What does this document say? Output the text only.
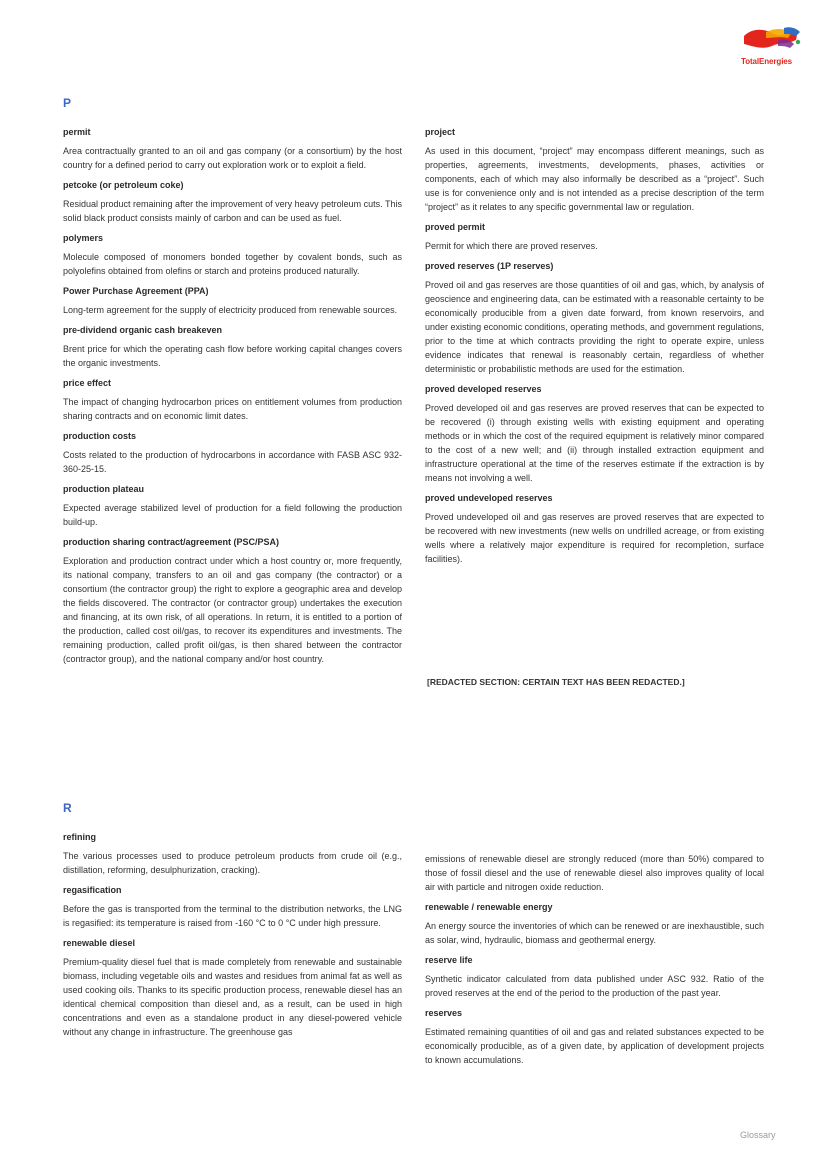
TotalEnergies
P

permit

Area contractually granted to an oil and gas company (or a consortium) by the host country for a defined period to carry out exploration work or to exploit a field.

petcoke (or petroleum coke)

Residual product remaining after the improvement of very heavy petroleum cuts. This solid black product consists mainly of carbon and can be used as fuel.

polymers

Molecule composed of monomers bonded together by covalent bonds, such as polyolefins obtained from olefins or starch and proteins produced naturally.

Power Purchase Agreement (PPA)

Long-term agreement for the supply of electricity produced from renewable sources.

pre-dividend organic cash breakeven

Brent price for which the operating cash flow before working capital changes covers the organic investments.

price effect

The impact of changing hydrocarbon prices on entitlement volumes from production sharing contracts and on economic limit dates.

production costs

Costs related to the production of hydrocarbons in accordance with FASB ASC 932-360-25-15.

production plateau

Expected average stabilized level of production for a field following the production build-up.

production sharing contract/agreement (PSC/PSA)

Exploration and production contract under which a host country or, more frequently, its national company, transfers to an oil and gas company (the contractor) or a consortium (the contractor group) the right to explore a geographic area and develop the fields discovered. The contractor (or contractor group) undertakes the execution and financing, at its own risk, of all operations. In return, it is entitled to a portion of the production, called cost oil/gas, to recover its expenditures and investments. The remaining production, called profit oil/gas, is then shared between the contractor (contractor group), and the national company and/or host country.

project

As used in this document, “project” may encompass different meanings, such as properties, agreements, investments, developments, phases, activities or components, each of which may also informally be described as a “project”. Such use is for convenience only and is not intended as a precise description of the term “project” as it relates to any specific governmental law or regulation.

proved permit

Permit for which there are proved reserves.

proved reserves (1P reserves)

Proved oil and gas reserves are those quantities of oil and gas, which, by analysis of geoscience and engineering data, can be estimated with a reasonable certainty to be economically producible from a given date forward, from known reservoirs, and under existing economic conditions, operating methods, and government regulations, prior to the time at which contracts providing the right to operate expire, unless evidence indicates that renewal is reasonably certain, regardless of whether deterministic or probabilistic methods are used for the estimation.

proved developed reserves

Proved developed oil and gas reserves are proved reserves that can be expected to be recovered (i) through existing wells with existing equipment and operating methods or in which the cost of the required equipment is relatively minor compared to the cost of a new well; and (ii) through installed extraction equipment and infrastructure operational at the time of the reserves estimate if the extraction is by means not involving a well.

proved undeveloped reserves

Proved undeveloped oil and gas reserves are proved reserves that are expected to be recovered with new investments (new wells on undrilled acreage, or from existing wells where a relatively major expenditure is required for recompletion, surface facilities).

[REDACTED SECTION: CERTAIN TEXT HAS BEEN REDACTED.]
R

refining

The various processes used to produce petroleum products from crude oil (e.g., distillation, reforming, desulphurization, cracking).

regasification

Before the gas is transported from the terminal to the distribution networks, the LNG is regasified: its temperature is raised from -160 °C to 0 °C under high pressure.

renewable diesel

Premium-quality diesel fuel that is made completely from renewable and sustainable biomass, including vegetable oils and wastes and residues from animal fat as well as used cooking oils. Thanks to its specific production process, renewable diesel has an identical chemical composition than diesel and, as a result, can be used in high concentrations and even as a standalone product in any diesel-powered vehicle without any change in infrastructure. The greenhouse gas

emissions of renewable diesel are strongly reduced (more than 50%) compared to those of fossil diesel and the use of renewable diesel also improves quality of local air with particle and nitrogen oxide reduction.

renewable / renewable energy

An energy source the inventories of which can be renewed or are inexhaustible, such as solar, wind, hydraulic, biomass and geothermal energy.

reserve life

Synthetic indicator calculated from data published under ASC 932. Ratio of the proved reserves at the end of the period to the production of the past year.

reserves

Estimated remaining quantities of oil and gas and related substances expected to be economically producible, as of a given date, by application of development projects to known accumulations.

Glossary
